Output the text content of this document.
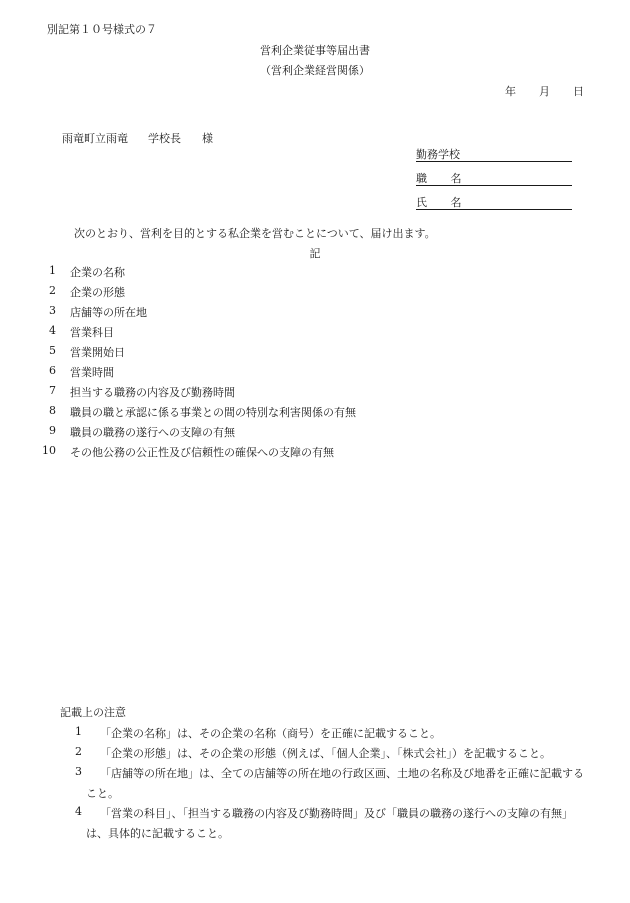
別記第１０号様式の７
営利企業従事等届出書
（営利企業経営関係）
年 月 日
雨竜町立雨竜 学校長 様
勤務学校
職 名
氏 名
次のとおり、営利を目的とする私企業を営むことについて、届け出ます。
記
1 企業の名称
2 企業の形態
3 店舗等の所在地
4 営業科目
5 営業開始日
6 営業時間
7 担当する職務の内容及び勤務時間
8 職員の職と承認に係る事業との間の特別な利害関係の有無
9 職員の職務の遂行への支障の有無
10 その他公務の公正性及び信頼性の確保への支障の有無
記載上の注意
1 「企業の名称」は、その企業の名称（商号）を正確に記載すること。
2 「企業の形態」は、その企業の形態（例えば、「個人企業」、「株式会社」）を記載すること。
3 「店舗等の所在地」は、全ての店舗等の所在地の行政区画、土地の名称及び地番を正確に記載する
こと。
4 「営業の科目」、「担当する職務の内容及び勤務時間」及び「職員の職務の遂行への支障の有無」
は、具体的に記載すること。
